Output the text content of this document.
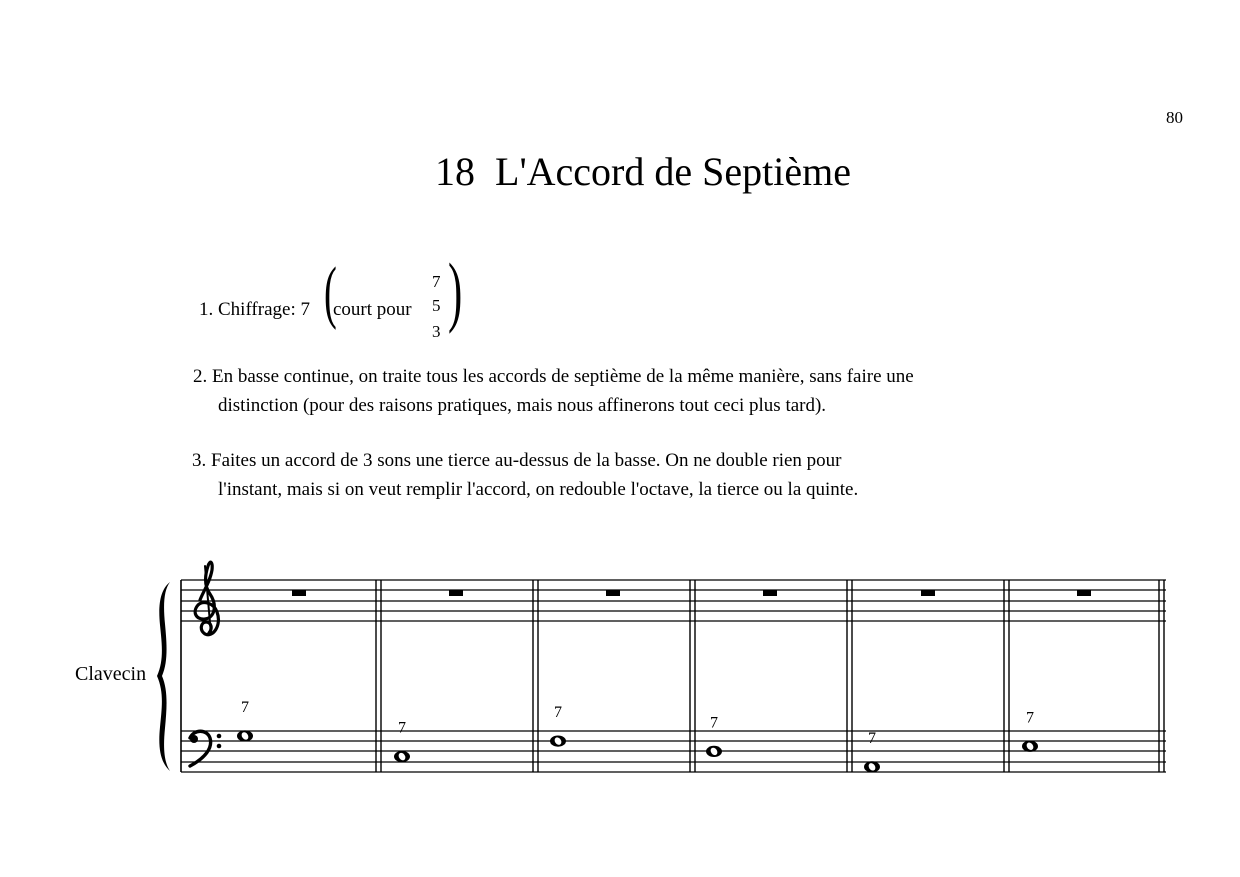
80
18  L'Accord de Septième
1. Chiffrage: 7 (
court pour
7
5
3 )
2. En basse continue, on traite tous les accords de septième de la même manière, sans faire une
distinction (pour des raisons pratiques, mais nous affinerons tout ceci plus tard).
3. Faites un accord de 3 sons une tierce au-dessus de la basse. On ne double rien pour
l'instant, mais si on veut remplir l'accord, on redouble l'octave, la tierce ou la quinte.
Clavecin
7
7
7
7
7
7
